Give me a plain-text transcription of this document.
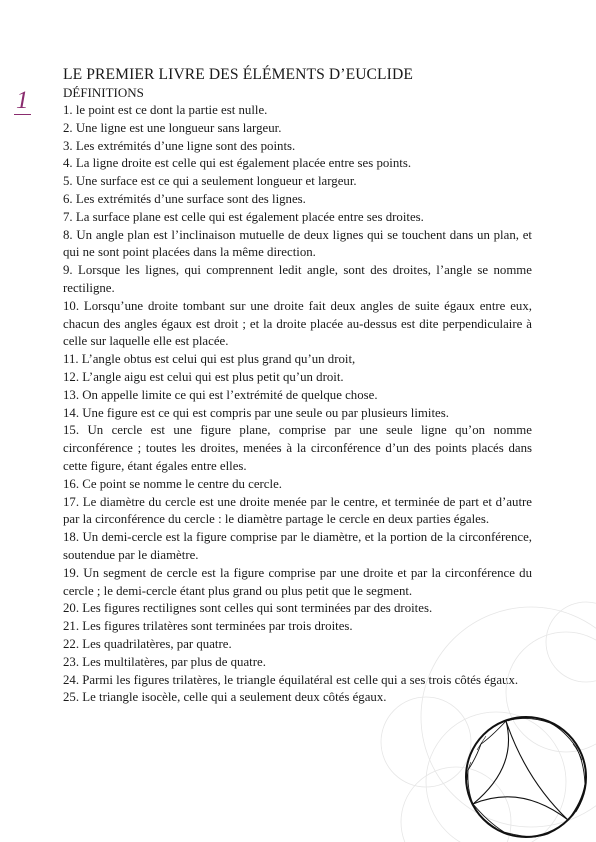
1
LE PREMIER LIVRE DES ÉLÉMENTS D’EUCLIDE
DÉFINITIONS
1. le point est ce dont la partie est nulle.
2. Une ligne est une longueur sans largeur.
3. Les extrémités d’une ligne sont des points.
4. La ligne droite est celle qui est également placée entre ses points.
5. Une surface est ce qui a seulement longueur et largeur.
6. Les extrémités d’une surface sont des lignes.
7. La surface plane est celle qui est également placée entre ses droites.
8. Un angle plan est l’inclinaison mutuelle de deux lignes qui se touchent dans un plan, et qui ne sont point placées dans la même direction.
9. Lorsque les lignes, qui comprennent ledit angle, sont des droites, l’angle se nomme rectiligne.
10. Lorsqu’une droite tombant sur une droite fait deux angles de suite égaux entre eux, chacun des angles égaux est droit ; et la droite placée au-dessus est dite perpendiculaire à celle sur laquelle elle est placée.
11. L’angle obtus est celui qui est plus grand qu’un droit,
12. L’angle aigu est celui qui est plus petit qu’un droit.
13. On appelle limite ce qui est l’extrémité de quelque chose.
14. Une figure est ce qui est compris par une seule ou par plusieurs limites.
15. Un cercle est une figure plane, comprise par une seule ligne qu’on nomme circonférence ; toutes les droites, menées à la circonférence d’un des points placés dans cette figure, étant égales entre elles.
16. Ce point se nomme le centre du cercle.
17. Le diamètre du cercle est une droite menée par le centre, et terminée de part et d’autre par la circonférence du cercle : le diamètre partage le cercle en deux parties égales.
18. Un demi-cercle est la figure comprise par le diamètre, et la portion de la circonférence, soutendue par le diamètre.
19. Un segment de cercle est la figure comprise par une droite et par la circonférence du cercle ; le demi-cercle étant plus grand ou plus petit que le segment.
20. Les figures rectilignes sont celles qui sont terminées par des droites.
21. Les figures trilatères sont terminées par trois droites.
22. Les quadrilatères, par quatre.
23. Les multilatères, par plus de quatre.
24. Parmi les figures trilatères, le triangle équilatéral est celle qui a ses trois côtés égaux.
25. Le triangle isocèle, celle qui a seulement deux côtés égaux.
